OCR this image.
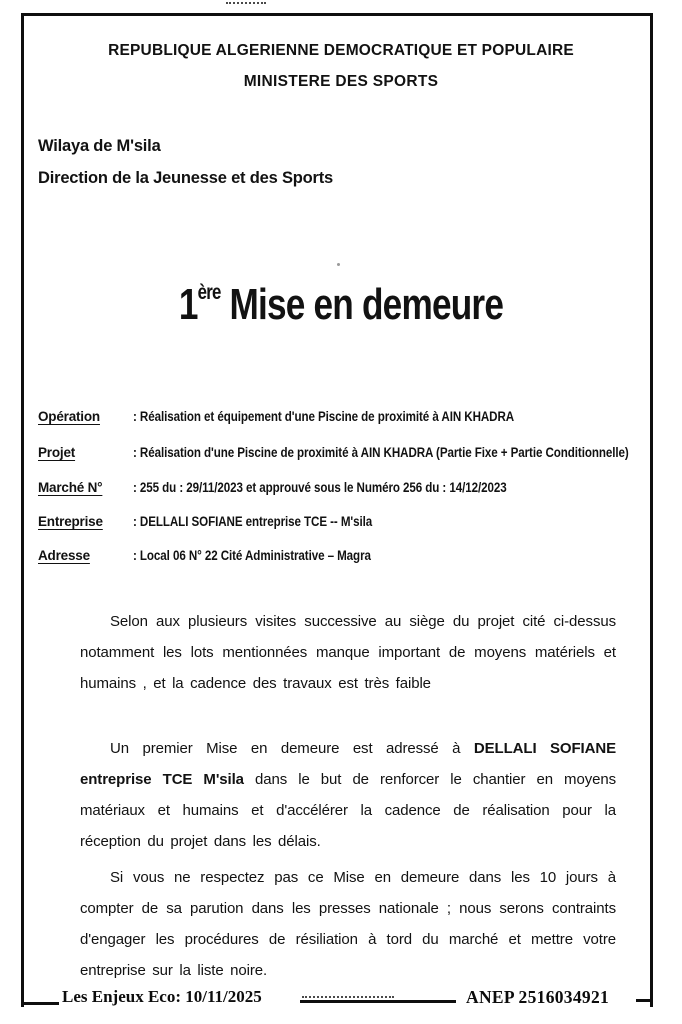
REPUBLIQUE ALGERIENNE DEMOCRATIQUE ET POPULAIRE
MINISTERE DES SPORTS
Wilaya de M'sila
Direction de la Jeunesse et des Sports
1ère Mise en demeure
Opération	: Réalisation et équipement d'une Piscine de proximité à AIN KHADRA
Projet	: Réalisation d'une Piscine de proximité à AIN KHADRA (Partie Fixe + Partie Conditionnelle)
Marché N°	: 255 du : 29/11/2023 et approuvé sous le Numéro 256 du : 14/12/2023
Entreprise	: DELLALI SOFIANE entreprise TCE -- M'sila
Adresse	: Local 06 N° 22 Cité Administrative – Magra
Selon aux plusieurs visites successive au siège du projet cité ci-dessus notamment les lots mentionnées manque important de moyens matériels et humains , et la cadence des travaux est très faible
Un premier Mise en demeure est adressé à DELLALI SOFIANE entreprise TCE M'sila dans le but de renforcer le chantier en moyens matériaux et humains et d'accélérer la cadence de réalisation pour la réception du projet dans les délais.
Si vous ne respectez pas ce Mise en demeure dans les 10 jours à compter de sa parution dans les presses nationale ; nous serons contraints d'engager les procédures de résiliation à tord du marché et mettre votre entreprise sur la liste noire.
Les Enjeux Eco: 10/11/2025	ANEP 2516034921
